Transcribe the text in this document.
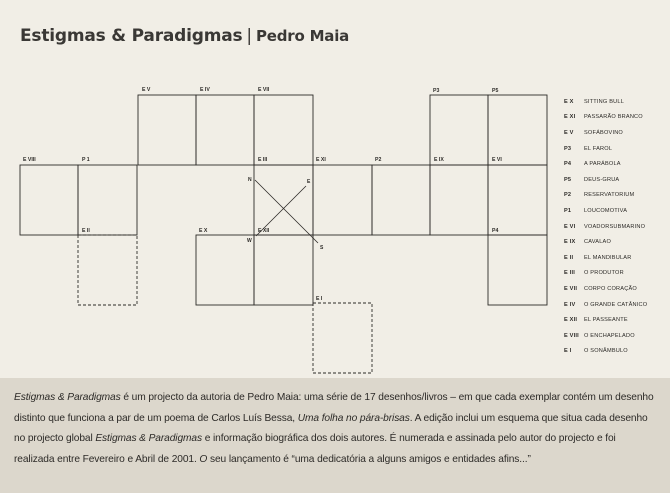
Estigmas & Paradigmas | Pedro Maia
N	E
W
S
E V	E IV	E VII	P3	P5
E VIII	P 1	E III	E XI	P2	E IX	E VI
E II	E X	E XII	P4
E I
E X	SITTING BULL
E XI	PASSARÃO BRANCO
E V	SOFÁBOVINO
P3	EL FAROL
P4	A PARÁBOLA
P5	DEUS-GRUA
P2	RESERVATORIUM
P1	LOUCOMOTIVA
E VI	VOADORSUBMARINO
E IX	CAVALAO
E II	EL MANDIBULAR
E III	O PRODUTOR
E VII	CORPO CORAÇÃO
E IV	O GRANDE CATÂNICO
E XII	EL PASSEANTE
E VIII O ENCHAPELADO
E I	O SONÂMBULO
Estigmas & Paradigmas é um projecto da autoria de Pedro Maia: uma série de 17 desenhos/livros – em que cada exemplar contém um desenho distinto que funciona a par de um poema de Carlos Luís Bessa, Uma folha no pára-brisas. A edição inclui um esquema que situa cada desenho no projecto global Estigmas & Paradigmas e informação biográfica dos dois autores. É numerada e assinada pelo autor do projecto e foi realizada entre Fevereiro e Abril de 2001. O seu lançamento é “uma dedicatória a alguns amigos e entidades afins...”
